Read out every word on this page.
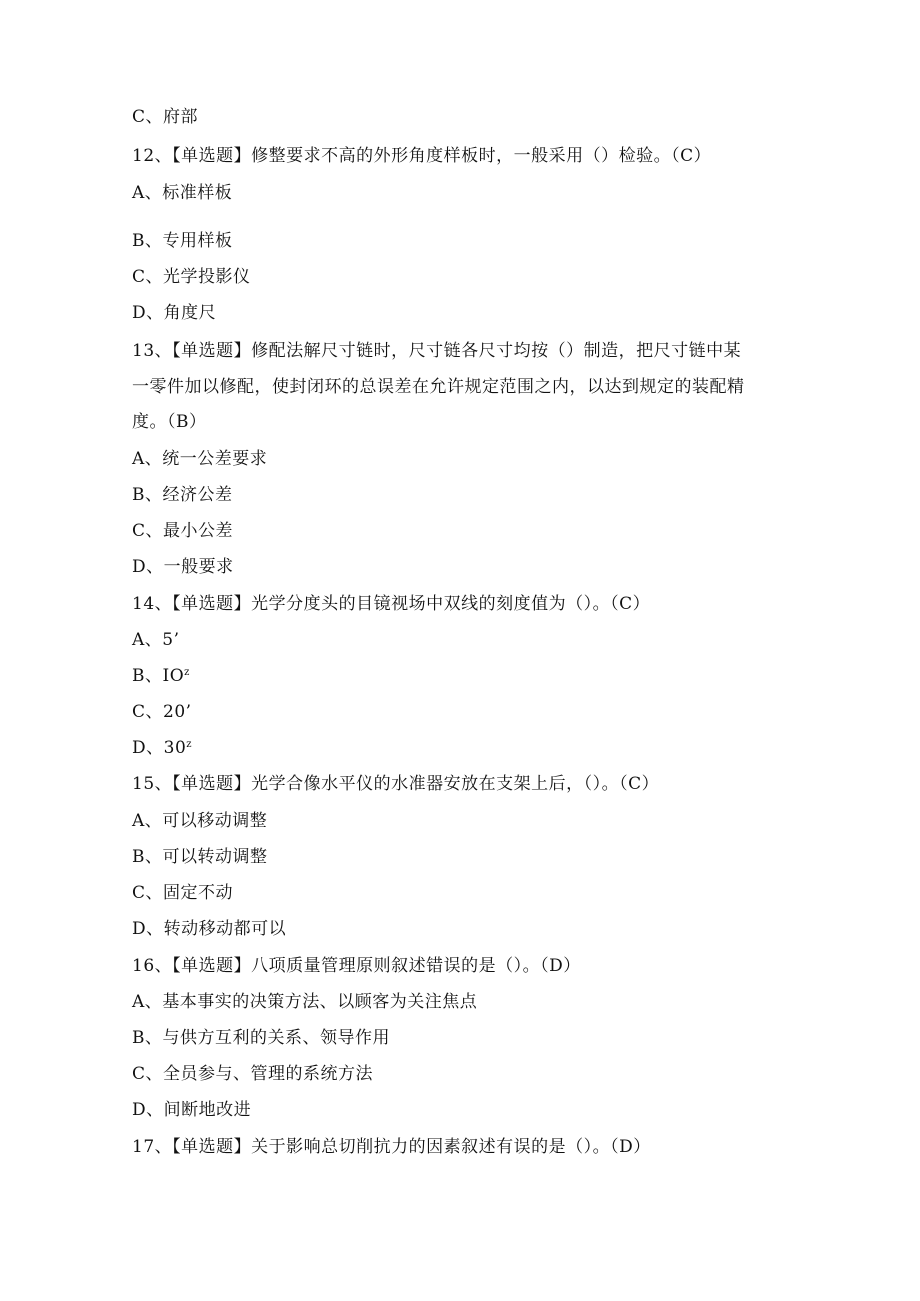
C、府部
12、【单选题】修整要求不高的外形角度样板时，一般采用（）检验。（C）
A、标准样板
B、专用样板
C、光学投影仪
D、角度尺
13、【单选题】修配法解尺寸链时，尺寸链各尺寸均按（）制造，把尺寸链中某
一零件加以修配，使封闭环的总误差在允许规定范围之内，以达到规定的装配精
度。（B）
A、统一公差要求
B、经济公差
C、最小公差
D、一般要求
14、【单选题】光学分度头的目镜视场中双线的刻度值为（）。（C）
A、5’
B、$IO^z$
C、20’
D、30$^z$
15、【单选题】光学合像水平仪的水准器安放在支架上后，（）。（C）
A、可以移动调整
B、可以转动调整
C、固定不动
D、转动移动都可以
16、【单选题】八项质量管理原则叙述错误的是（）。（D）
A、基本事实的决策方法、以顾客为关注焦点
B、与供方互利的关系、领导作用
C、全员参与、管理的系统方法
D、间断地改进
17、【单选题】关于影响总切削抗力的因素叙述有误的是（）。（D）
